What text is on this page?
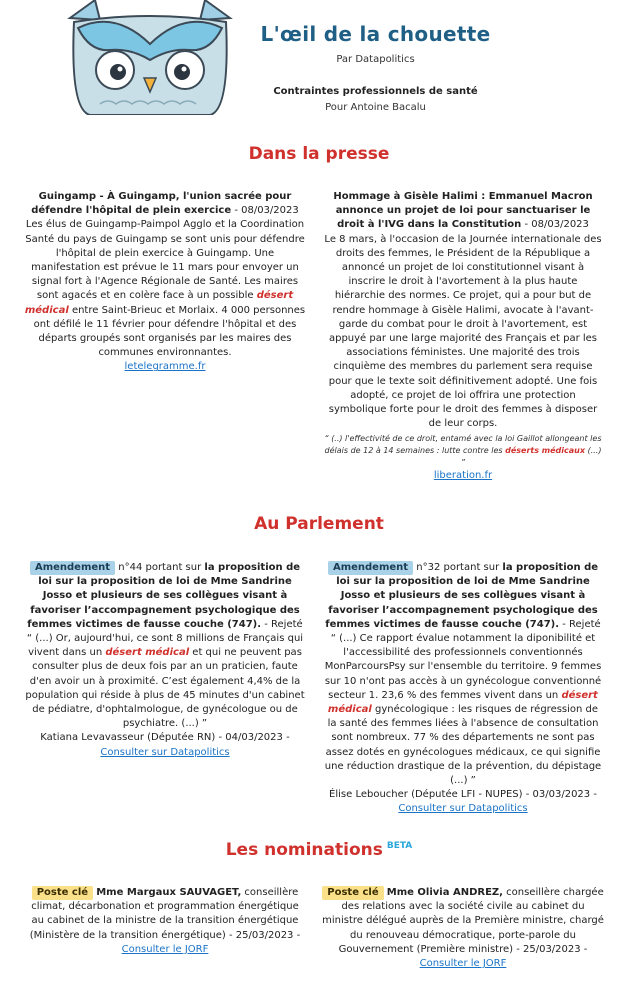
L'œil de la chouette
Par Datapolitics
Contraintes professionnels de santé
Pour Antoine Bacalu
Dans la presse
Guingamp - À Guingamp, l'union sacrée pour défendre l'hôpital de plein exercice - 08/03/2023
Les élus de Guingamp-Paimpol Agglo et la Coordination Santé du pays de Guingamp se sont unis pour défendre l'hôpital de plein exercice à Guingamp. Une manifestation est prévue le 11 mars pour envoyer un signal fort à l'Agence Régionale de Santé. Les maires sont agacés et en colère face à un possible désert médical entre Saint-Brieuc et Morlaix. 4 000 personnes ont défilé le 11 février pour défendre l'hôpital et des départs groupés sont organisés par les maires des communes environnantes.
letelegramme.fr
Hommage à Gisèle Halimi : Emmanuel Macron annonce un projet de loi pour sanctuariser le droit à l'IVG dans la Constitution - 08/03/2023
Le 8 mars, à l'occasion de la Journée internationale des droits des femmes, le Président de la République a annoncé un projet de loi constitutionnel visant à inscrire le droit à l'avortement à la plus haute hiérarchie des normes. Ce projet, qui a pour but de rendre hommage à Gisèle Halimi, avocate à l'avant-garde du combat pour le droit à l'avortement, est appuyé par une large majorité des Français et par les associations féministes. Une majorité des trois cinquième des membres du parlement sera requise pour que le texte soit définitivement adopté. Une fois adopté, ce projet de loi offrira une protection symbolique forte pour le droit des femmes à disposer de leur corps.
“ (..) l'effectivité de ce droit, entamé avec la loi Gaillot allongeant les délais de 12 à 14 semaines : lutte contre les déserts médicaux (...) ”
liberation.fr
Au Parlement
Amendement n°44 portant sur la proposition de loi sur la proposition de loi de Mme Sandrine Josso et plusieurs de ses collègues visant à favoriser l’accompagnement psychologique des femmes victimes de fausse couche (747). - Rejeté
“ (...) Or, aujourd'hui, ce sont 8 millions de Français qui vivent dans un désert médical et qui ne peuvent pas consulter plus de deux fois par an un praticien, faute d'en avoir un à proximité. C’est également 4,4% de la population qui réside à plus de 45 minutes d'un cabinet de pédiatre, d'ophtalmologue, de gynécologue ou de psychiatre. (...) ”
Katiana Levavasseur (Députée RN) - 04/03/2023 -
Consulter sur Datapolitics
Amendement n°32 portant sur la proposition de loi sur la proposition de loi de Mme Sandrine Josso et plusieurs de ses collègues visant à favoriser l’accompagnement psychologique des femmes victimes de fausse couche (747). - Rejeté
“ (...) Ce rapport évalue notamment la diponibilité et l'accessibilité des professionnels conventionnés MonParcoursPsy sur l'ensemble du territoire. 9 femmes sur 10 n'ont pas accès à un gynécologue conventionné secteur 1. 23,6 % des femmes vivent dans un désert médical gynécologique : les risques de régression de la santé des femmes liées à l'absence de consultation sont nombreux. 77 % des départements ne sont pas assez dotés en gynécologues médicaux, ce qui signifie une réduction drastique de la prévention, du dépistage (...) ”
Élise Leboucher (Députée LFI - NUPES) - 03/03/2023 -
Consulter sur Datapolitics
Les nominations $^{BETA}$
Poste clé Mme Margaux SAUVAGET, conseillère climat, décarbonation et programmation énergétique au cabinet de la ministre de la transition énergétique (Ministère de la transition énergétique) - 25/03/2023 - Consulter le JORF
Poste clé Mme Olivia ANDREZ, conseillère chargée des relations avec la société civile au cabinet du ministre délégué auprès de la Première ministre, chargé du renouveau démocratique, porte-parole du Gouvernement (Première ministre) - 25/03/2023 - Consulter le JORF
